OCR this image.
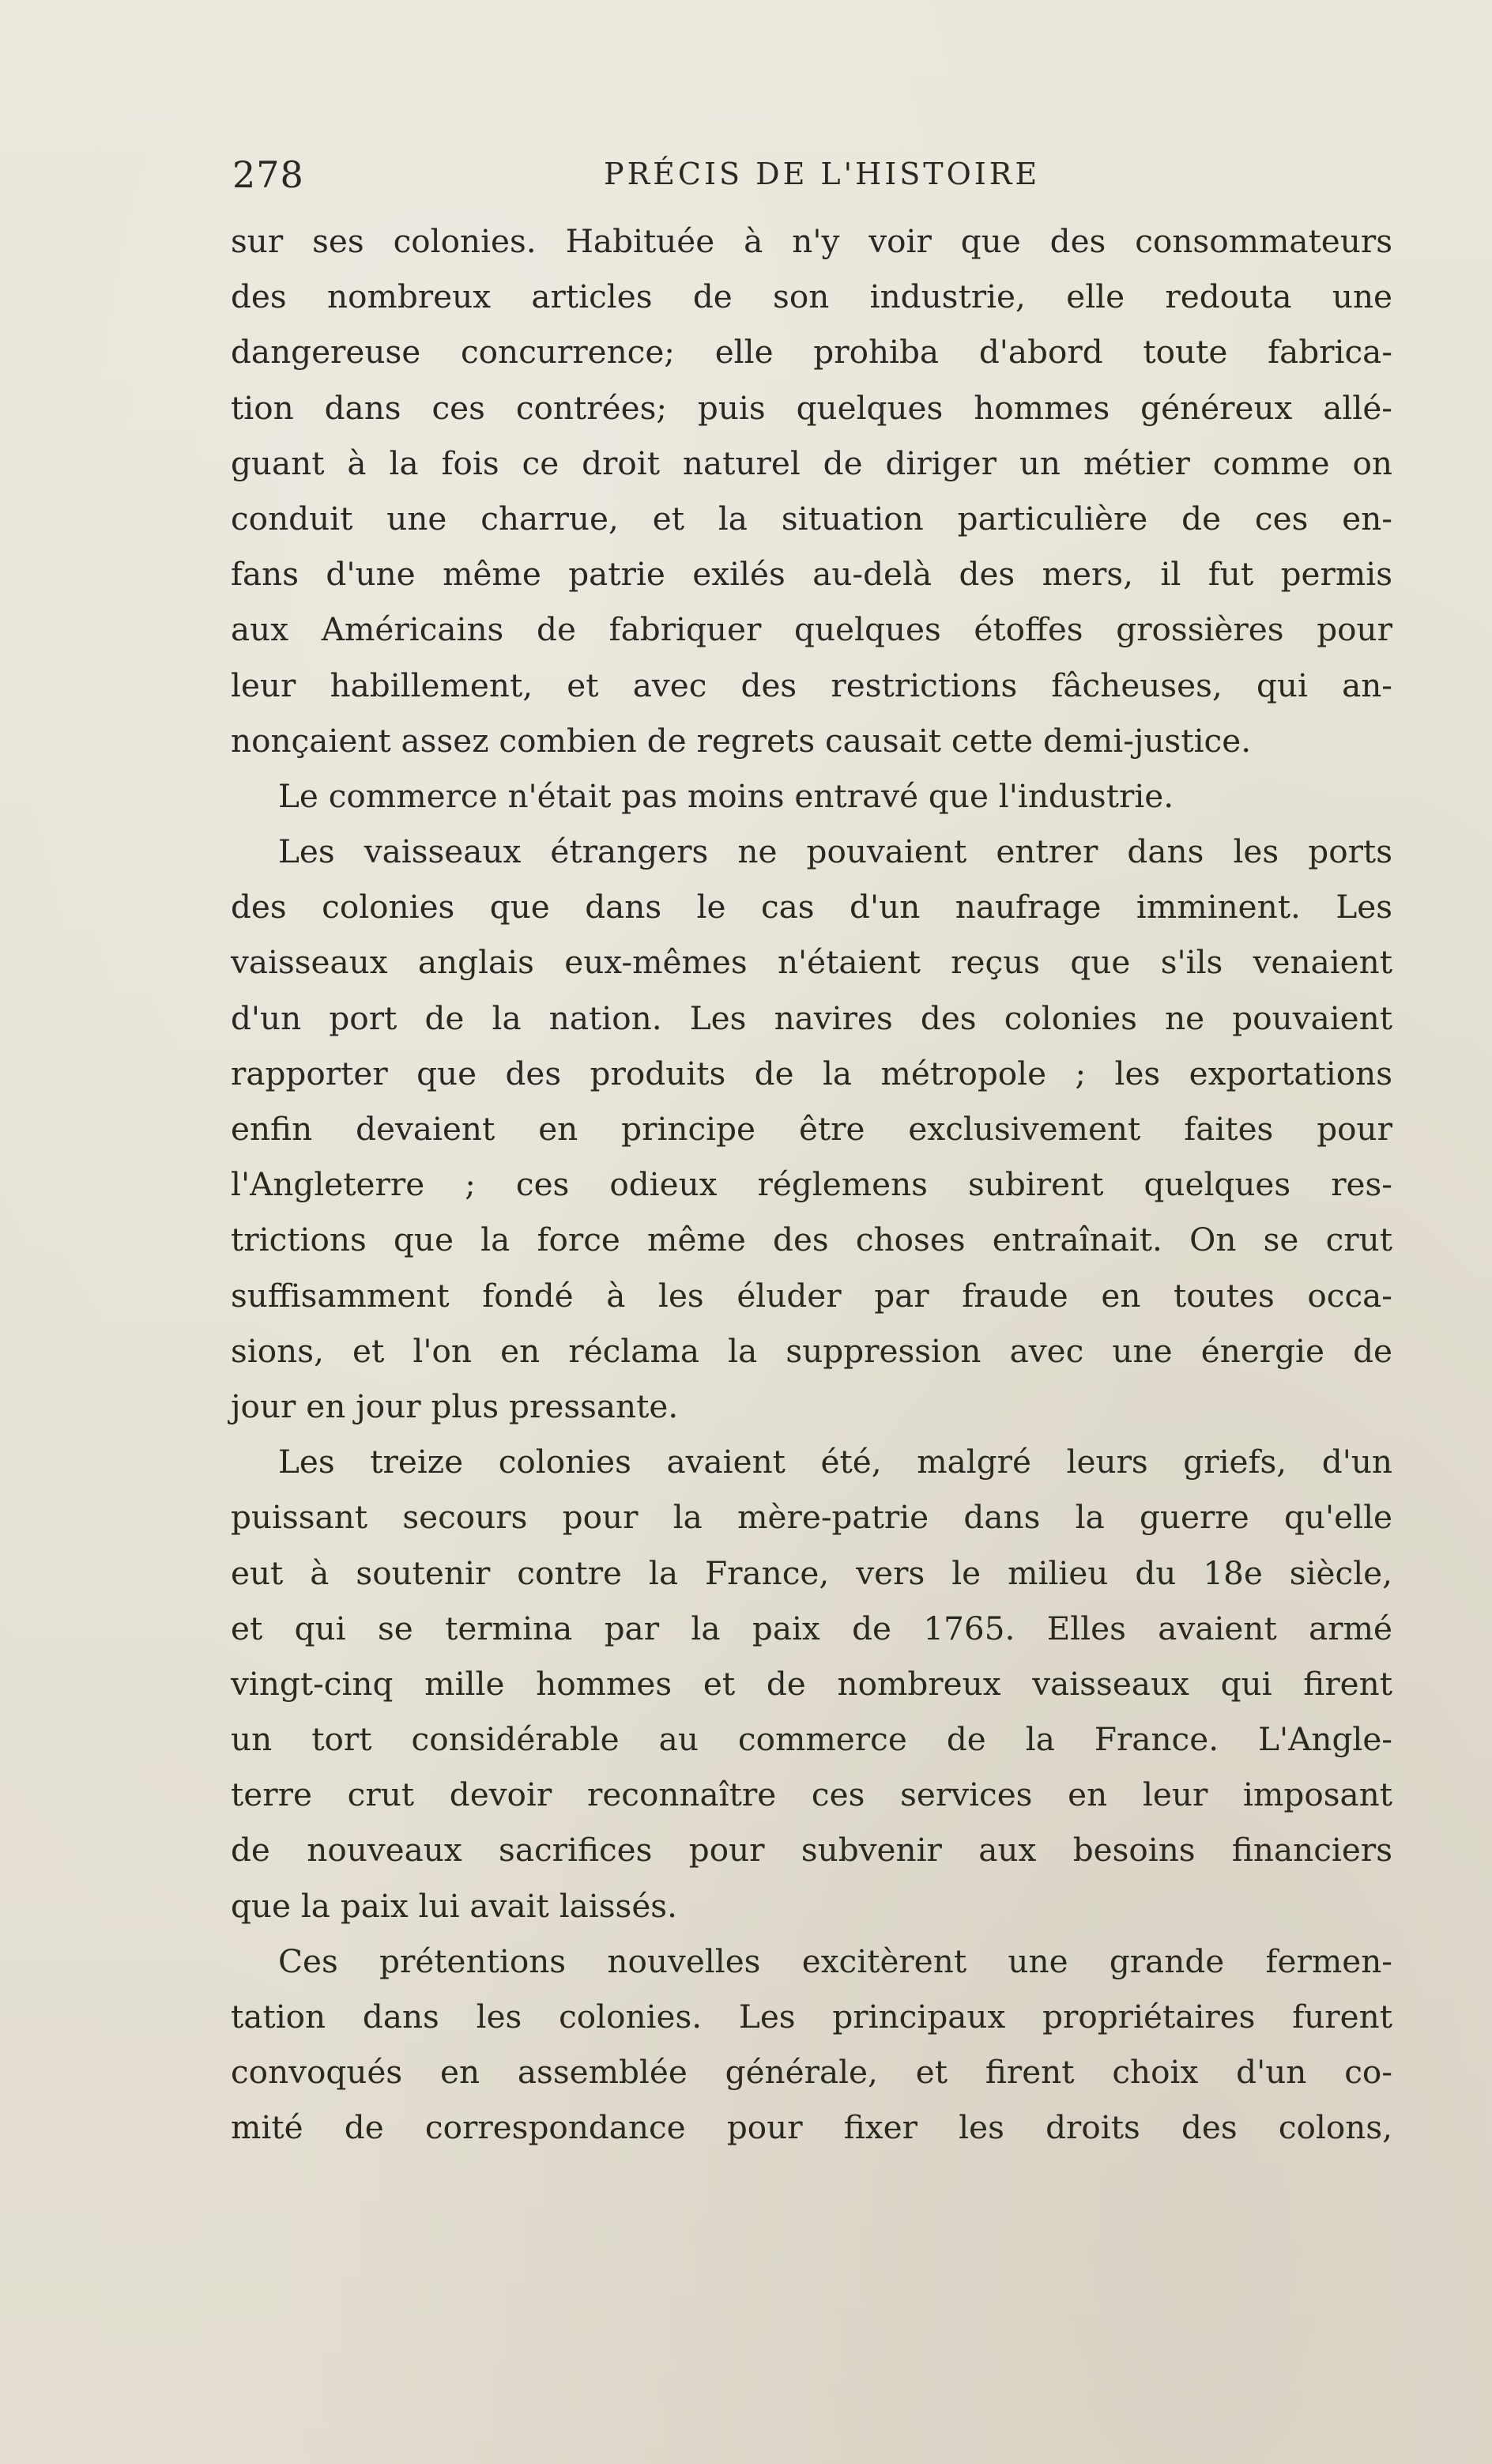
278	PRÉCIS DE L'HISTOIRE
sur ses colonies. Habituée à n'y voir que des consommateurs
des nombreux articles de son industrie, elle redouta une
dangereuse concurrence; elle prohiba d'abord toute fabrica-
tion dans ces contrées; puis quelques hommes généreux allé-
guant à la fois ce droit naturel de diriger un métier comme on
conduit une charrue, et la situation particulière de ces en-
fans d'une même patrie exilés au-delà des mers, il fut permis
aux Américains de fabriquer quelques étoffes grossières pour
leur habillement, et avec des restrictions fâcheuses, qui an-
nonçaient assez combien de regrets causait cette demi-justice.
Le commerce n'était pas moins entravé que l'industrie.
Les vaisseaux étrangers ne pouvaient entrer dans les ports
des colonies que dans le cas d'un naufrage imminent. Les
vaisseaux anglais eux-mêmes n'étaient reçus que s'ils venaient
d'un port de la nation. Les navires des colonies ne pouvaient
rapporter que des produits de la métropole ; les exportations
enfin devaient en principe être exclusivement faites pour
l'Angleterre ; ces odieux réglemens subirent quelques res-
trictions que la force même des choses entraînait. On se crut
suffisamment fondé à les éluder par fraude en toutes occa-
sions, et l'on en réclama la suppression avec une énergie de
jour en jour plus pressante.
Les treize colonies avaient été, malgré leurs griefs, d'un
puissant secours pour la mère-patrie dans la guerre qu'elle
eut à soutenir contre la France, vers le milieu du 18e siècle,
et qui se termina par la paix de 1765. Elles avaient armé
vingt-cinq mille hommes et de nombreux vaisseaux qui firent
un tort considérable au commerce de la France. L'Angle-
terre crut devoir reconnaître ces services en leur imposant
de nouveaux sacrifices pour subvenir aux besoins financiers
que la paix lui avait laissés.
Ces prétentions nouvelles excitèrent une grande fermen-
tation dans les colonies. Les principaux propriétaires furent
convoqués en assemblée générale, et firent choix d'un co-
mité de correspondance pour fixer les droits des colons,
